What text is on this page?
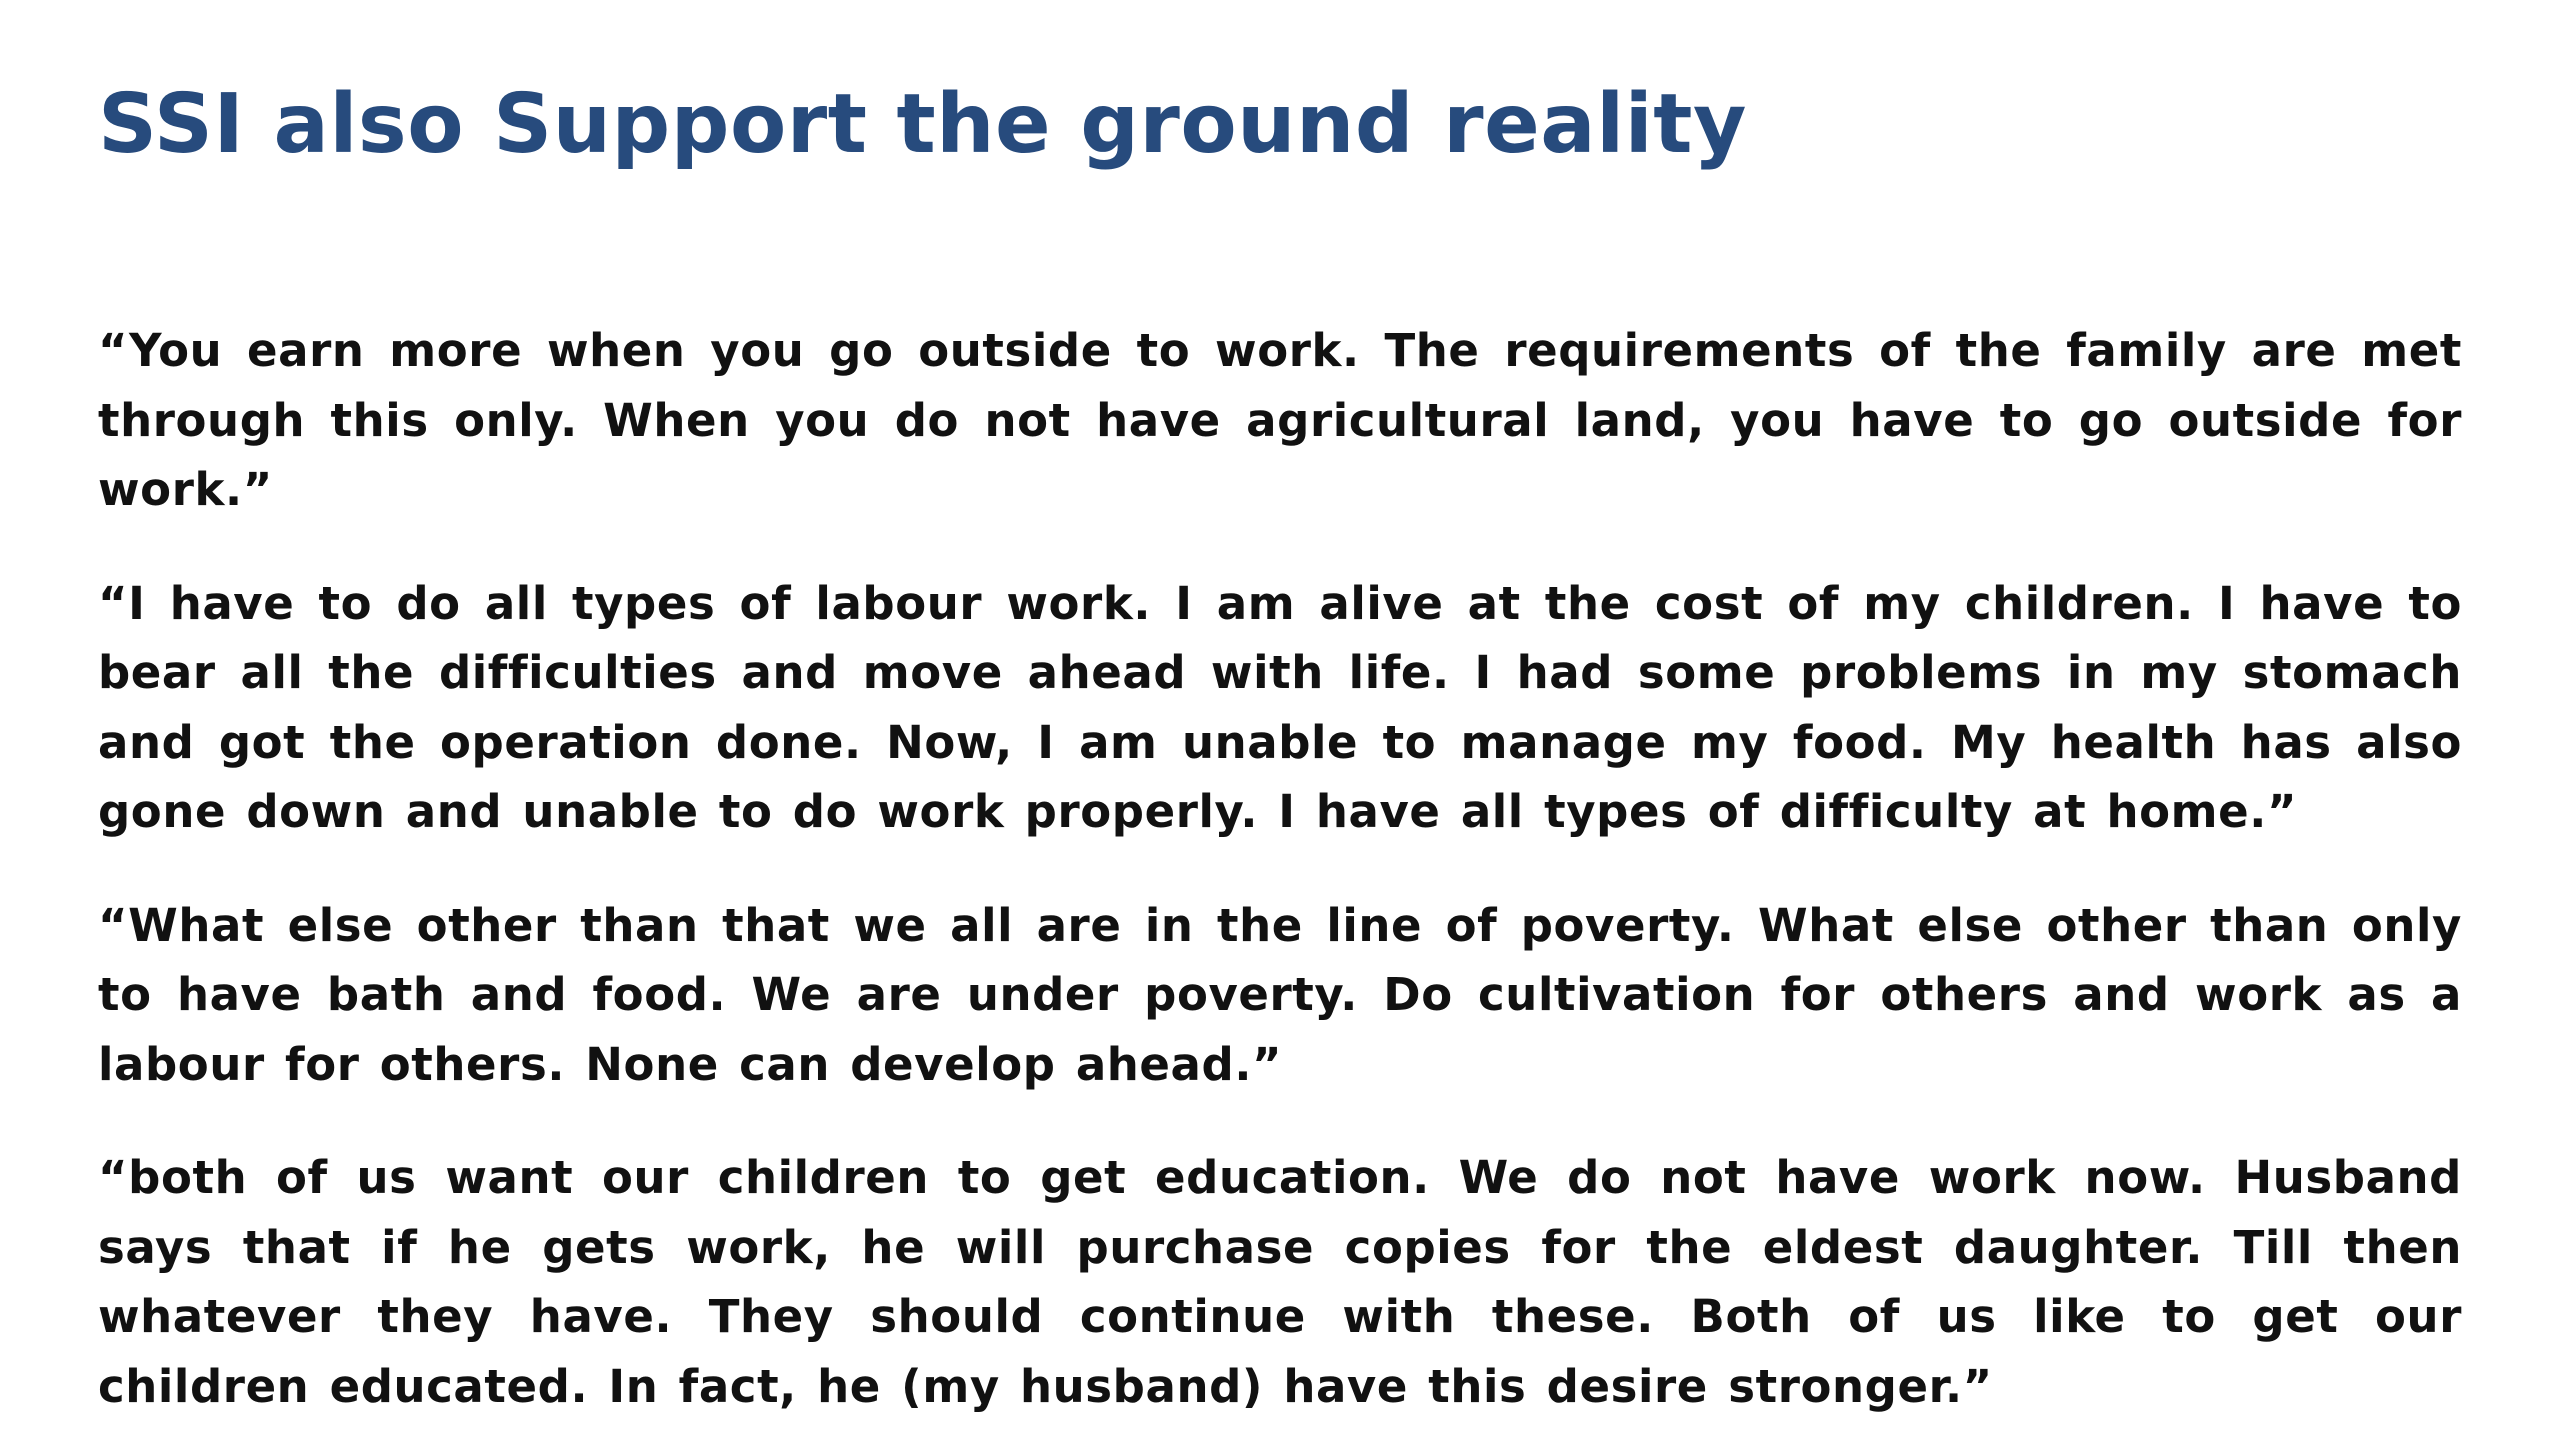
SSI also Support the ground reality

“You earn more when you go outside to work. The requirements of the family are met through this only. When you do not have agricultural land, you have to go outside for work.”

“I have to do all types of labour work. I am alive at the cost of my children. I have to bear all the difficulties and move ahead with life. I had some problems in my stomach and got the operation done. Now, I am unable to manage my food. My health has also gone down and unable to do work properly. I have all types of difficulty at home.”

“What else other than that we all are in the line of poverty. What else other than only to have bath and food. We are under poverty. Do cultivation for others and work as a labour for others. None can develop ahead.”

“both of us want our children to get education. We do not have work now. Husband says that if he gets work, he will purchase copies for the eldest daughter. Till then whatever they have. They should continue with these. Both of us like to get our children educated. In fact, he (my husband) have this desire stronger.”
